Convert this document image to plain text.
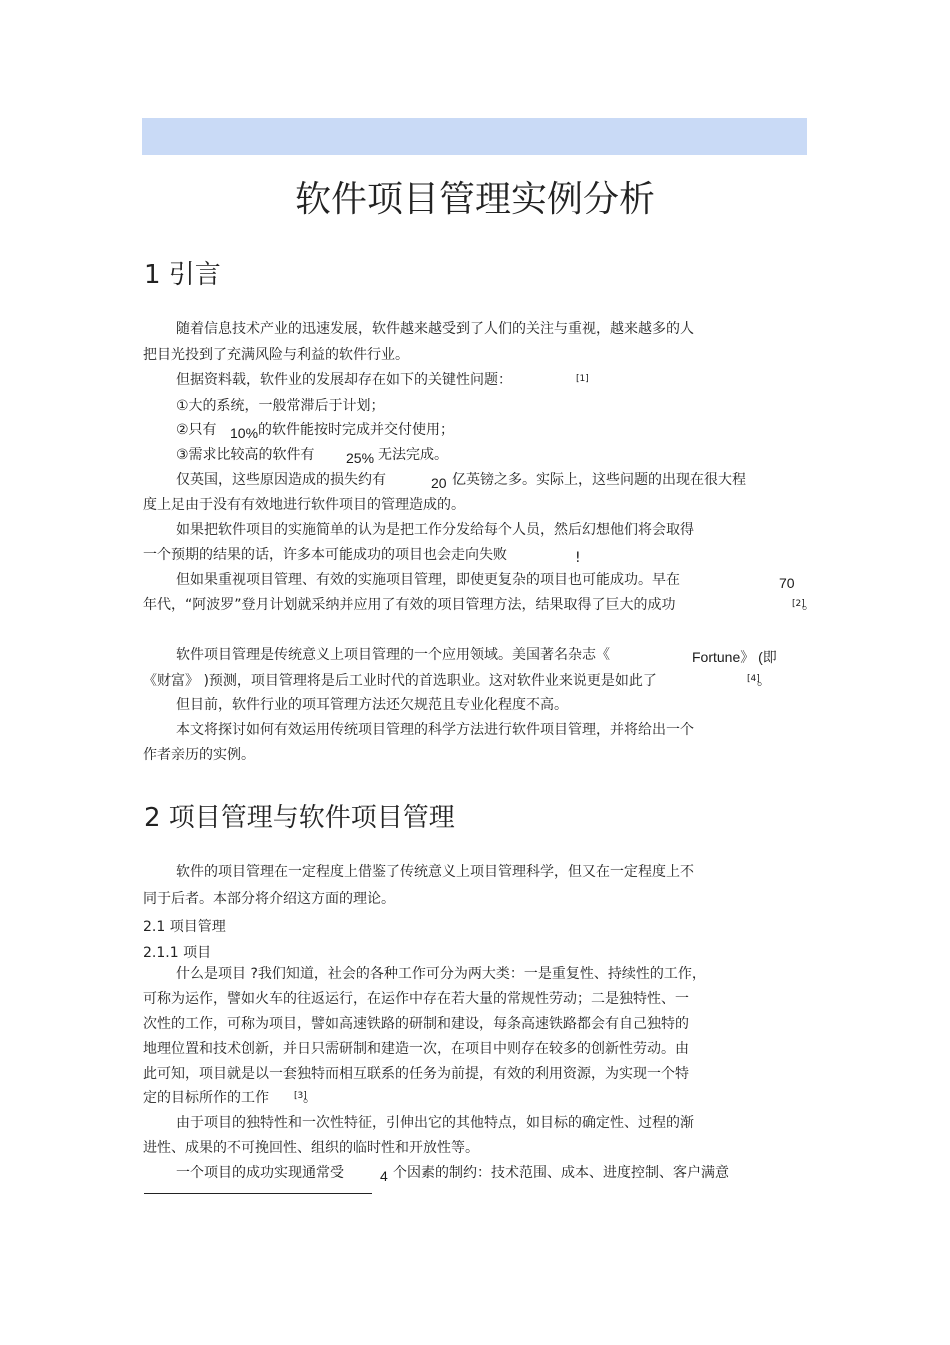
软件项目管理实例分析
1 引言
随着信息技术产业的迅速发展，软件越来越受到了人们的关注与重视，越来越多的人
把目光投到了充满风险与利益的软件行业。
但据资料载，软件业的发展却存在如下的关键性问题：	[1]
①大的系统，一般常滞后于计划；
②只有 10% 的软件能按时完成并交付使用；
③需求比较高的软件有 25% 无法完成。
仅英国，这些原因造成的损失约有	20 亿英镑之多。实际上，这些问题的出现在很大程
度上足由于没有有效地进行软件项目的管理造成的。
如果把软件项目的实施简单的认为是把工作分发给每个人员，然后幻想他们将会取得
一个预期的结果的话，许多本可能成功的项目也会走向失败	!
但如果重视项目管理、有效的实施项目管理，即使更复杂的项目也可能成功。早在	70
年代，“阿波罗”登月计划就采纳并应用了有效的项目管理方法，结果取得了巨大的成功	[2]
。
软件项目管理是传统意义上项目管理的一个应用领域。美国著名杂志《	Fortune》 (即
《财富》 )预测，项目管理将是后工业时代的首选职业。这对软件业来说更是如此了	[4]
。
但目前，软件行业的项耳管理方法还欠规范且专业化程度不高。
本文将探讨如何有效运用传统项目管理的科学方法进行软件项目管理，并将给出一个
作者亲历的实例。
2 项目管理与软件项目管理
软件的项目管理在一定程度上借鉴了传统意义上项目管理科学，但又在一定程度上不
同于后者。本部分将介绍这方面的理论。
2.1 项目管理
2.1.1 项目
什么是项目 ?我们知道，社会的各种工作可分为两大类：一是重复性、持续性的工作，
可称为运作，譬如火车的往返运行，在运作中存在若大量的常规性劳动；二是独特性、一
次性的工作，可称为项目，譬如高速铁路的研制和建设，每条高速铁路都会有自己独特的
地理位置和技术创新，并日只需研制和建造一次，在项目中则存在较多的创新性劳动。由
此可知，项目就是以一套独特而相互联系的任务为前提，有效的利用资源，为实现一个特
定的目标所作的工作	[3]
。
由于项目的独特性和一次性特征，引伸出它的其他特点，如目标的确定性、过程的渐
进性、成果的不可挽回性、组织的临时性和开放性等。
一个项目的成功实现通常受	4 个因素的制约：技术范围、成本、进度控制、客户满意
